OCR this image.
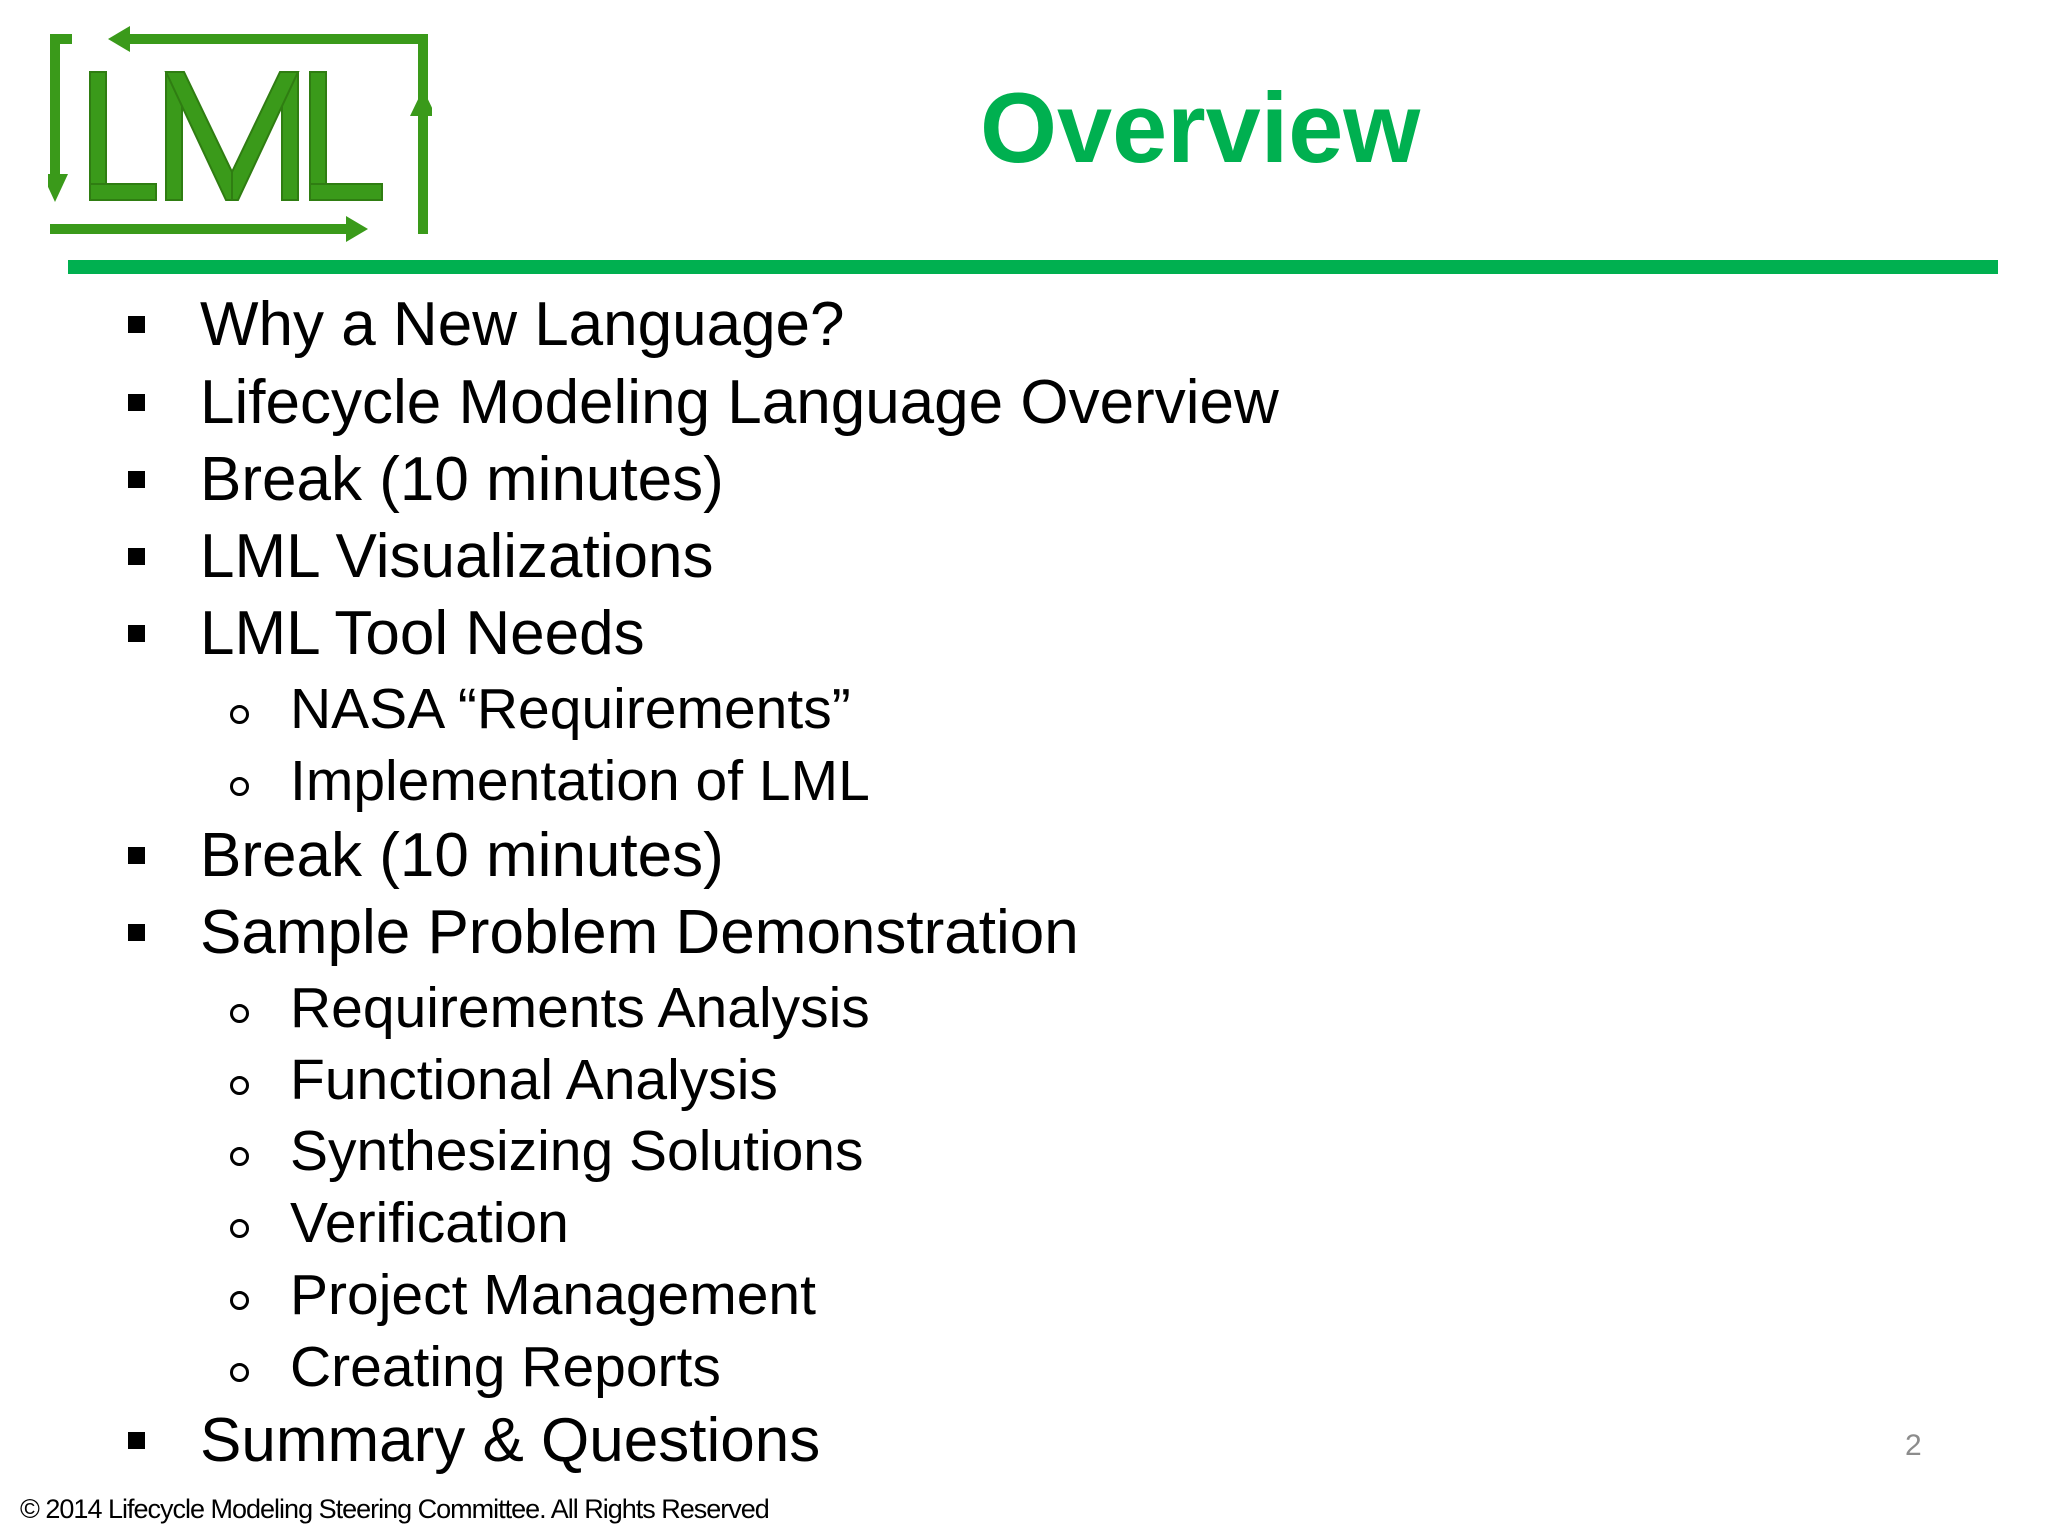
Overview
Why a New Language?
Lifecycle Modeling Language Overview
Break (10 minutes)
LML Visualizations
LML Tool Needs
NASA “Requirements”
Implementation of LML
Break (10 minutes)
Sample Problem Demonstration
Requirements Analysis
Functional Analysis
Synthesizing Solutions
Verification
Project Management
Creating Reports
Summary & Questions	2
© 2014 Lifecycle Modeling Steering Committee. All Rights Reserved
